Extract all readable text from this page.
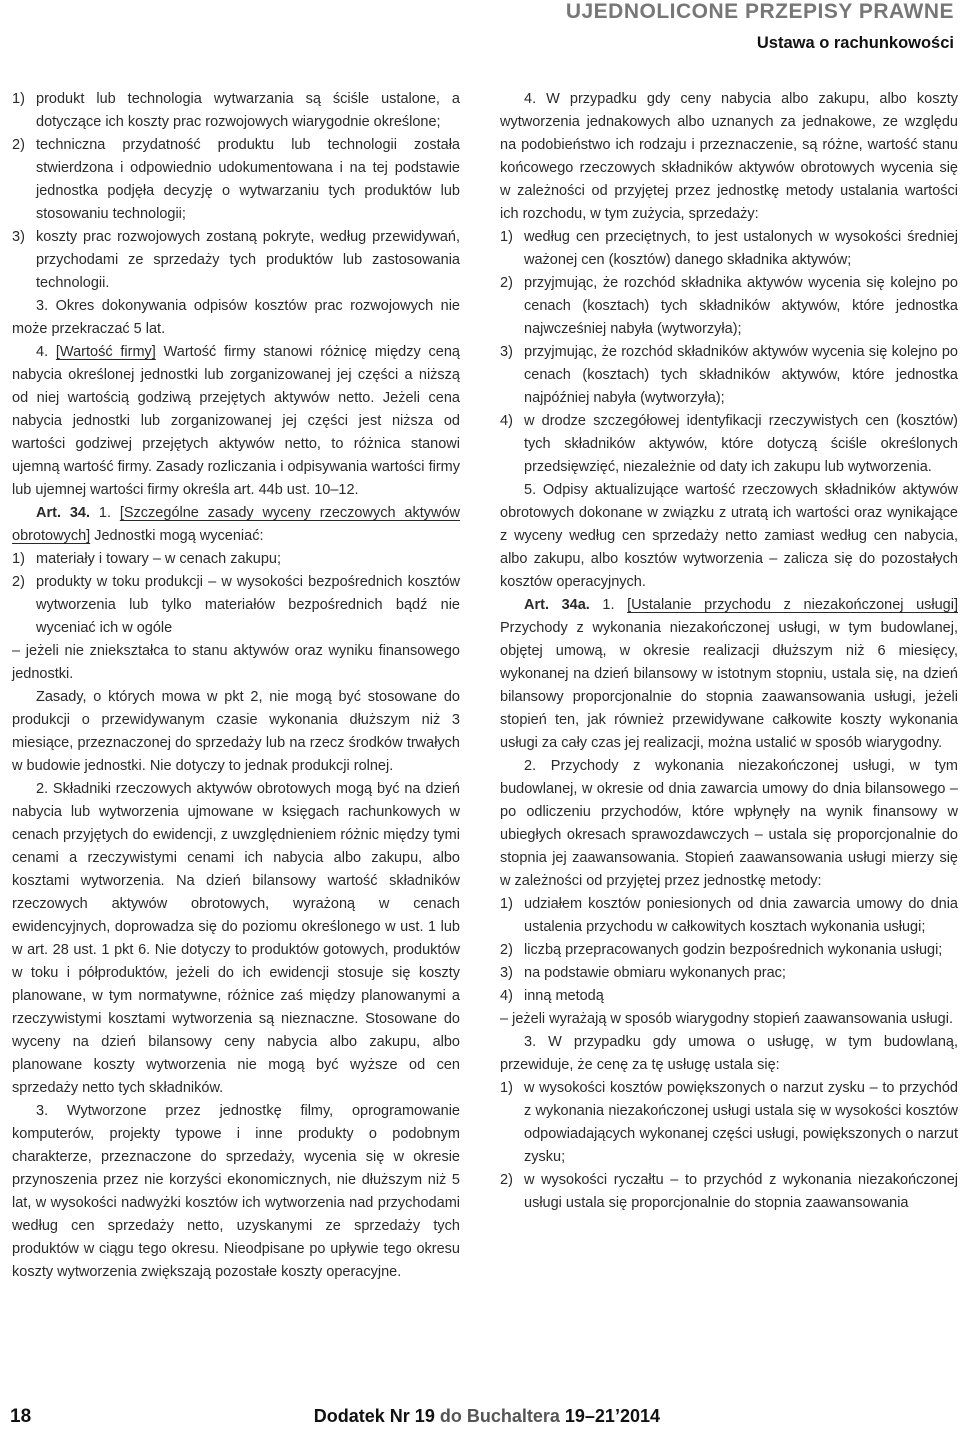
UJEDNOLICONE PRZEPISY PRAWNE
Ustawa o rachunkowości
1) produkt lub technologia wytwarzania są ściśle ustalone, a dotyczące ich koszty prac rozwojowych wiarygodnie określone;
2) techniczna przydatność produktu lub technologii została stwierdzona i odpowiednio udokumentowana i na tej podstawie jednostka podjęła decyzję o wytwarzaniu tych produktów lub stosowaniu technologii;
3) koszty prac rozwojowych zostaną pokryte, według przewidywań, przychodami ze sprzedaży tych produktów lub zastosowania technologii.

3. Okres dokonywania odpisów kosztów prac rozwojowych nie może przekraczać 5 lat.

4. [Wartość firmy] Wartość firmy stanowi różnicę między ceną nabycia określonej jednostki lub zorganizowanej jej części a niższą od niej wartością godziwą przejętych aktywów netto. Jeżeli cena nabycia jednostki lub zorganizowanej jej części jest niższa od wartości godziwej przejętych aktywów netto, to różnica stanowi ujemną wartość firmy. Zasady rozliczania i odpisywania wartości firmy lub ujemnej wartości firmy określa art. 44b ust. 10–12.

Art. 34. 1. [Szczególne zasady wyceny rzeczowych aktywów obrotowych] Jednostki mogą wyceniać:

1) materiały i towary – w cenach zakupu;
2) produkty w toku produkcji – w wysokości bezpośrednich kosztów wytworzenia lub tylko materiałów bezpośrednich bądź nie wyceniać ich w ogóle

– jeżeli nie zniekształca to stanu aktywów oraz wyniku finansowego jednostki.

Zasady, o których mowa w pkt 2, nie mogą być stosowane do produkcji o przewidywanym czasie wykonania dłuższym niż 3 miesiące, przeznaczonej do sprzedaży lub na rzecz środków trwałych w budowie jednostki. Nie dotyczy to jednak produkcji rolnej.

2. Składniki rzeczowych aktywów obrotowych mogą być na dzień nabycia lub wytworzenia ujmowane w księgach rachunkowych w cenach przyjętych do ewidencji, z uwzględnieniem różnic między tymi cenami a rzeczywistymi cenami ich nabycia albo zakupu, albo kosztami wytworzenia. Na dzień bilansowy wartość składników rzeczowych aktywów obrotowych, wyrażoną w cenach ewidencyjnych, doprowadza się do poziomu określonego w ust. 1 lub w art. 28 ust. 1 pkt 6. Nie dotyczy to produktów gotowych, produktów w toku i półproduktów, jeżeli do ich ewidencji stosuje się koszty planowane, w tym normatywne, różnice zaś między planowanymi a rzeczywistymi kosztami wytworzenia są nieznaczne. Stosowane do wyceny na dzień bilansowy ceny nabycia albo zakupu, albo planowane koszty wytworzenia nie mogą być wyższe od cen sprzedaży netto tych składników.

3. Wytworzone przez jednostkę filmy, oprogramowanie komputerów, projekty typowe i inne produkty o podobnym charakterze, przeznaczone do sprzedaży, wycenia się w okresie przynoszenia przez nie korzyści ekonomicznych, nie dłuższym niż 5 lat, w wysokości nadwyżki kosztów ich wytworzenia nad przychodami według cen sprzedaży netto, uzyskanymi ze sprzedaży tych produktów w ciągu tego okresu. Nieodpisane po upływie tego okresu koszty wytworzenia zwiększają pozostałe koszty operacyjne.

4. W przypadku gdy ceny nabycia albo zakupu, albo koszty wytworzenia jednakowych albo uznanych za jednakowe, ze względu na podobieństwo ich rodzaju i przeznaczenie, są różne, wartość stanu końcowego rzeczowych składników aktywów obrotowych wycenia się w zależności od przyjętej przez jednostkę metody ustalania wartości ich rozchodu, w tym zużycia, sprzedaży:

1) według cen przeciętnych, to jest ustalonych w wysokości średniej ważonej cen (kosztów) danego składnika aktywów;
2) przyjmując, że rozchód składnika aktywów wycenia się kolejno po cenach (kosztach) tych składników aktywów, które jednostka najwcześniej nabyła (wytworzyła);
3) przyjmując, że rozchód składników aktywów wycenia się kolejno po cenach (kosztach) tych składników aktywów, które jednostka najpóźniej nabyła (wytworzyła);
4) w drodze szczegółowej identyfikacji rzeczywistych cen (kosztów) tych składników aktywów, które dotyczą ściśle określonych przedsięwzięć, niezależnie od daty ich zakupu lub wytworzenia.

5. Odpisy aktualizujące wartość rzeczowych składników aktywów obrotowych dokonane w związku z utratą ich wartości oraz wynikające z wyceny według cen sprzedaży netto zamiast według cen nabycia, albo zakupu, albo kosztów wytworzenia – zalicza się do pozostałych kosztów operacyjnych.

Art. 34a. 1. [Ustalanie przychodu z niezakończonej usługi] Przychody z wykonania niezakończonej usługi, w tym budowlanej, objętej umową, w okresie realizacji dłuższym niż 6 miesięcy, wykonanej na dzień bilansowy w istotnym stopniu, ustala się, na dzień bilansowy proporcjonalnie do stopnia zaawansowania usługi, jeżeli stopień ten, jak również przewidywane całkowite koszty wykonania usługi za cały czas jej realizacji, można ustalić w sposób wiarygodny.

2. Przychody z wykonania niezakończonej usługi, w tym budowlanej, w okresie od dnia zawarcia umowy do dnia bilansowego – po odliczeniu przychodów, które wpłynęły na wynik finansowy w ubiegłych okresach sprawozdawczych – ustala się proporcjonalnie do stopnia jej zaawansowania. Stopień zaawansowania usługi mierzy się w zależności od przyjętej przez jednostkę metody:

1) udziałem kosztów poniesionych od dnia zawarcia umowy do dnia ustalenia przychodu w całkowitych kosztach wykonania usługi;
2) liczbą przepracowanych godzin bezpośrednich wykonania usługi;
3) na podstawie obmiaru wykonanych prac;
4) inną metodą

– jeżeli wyrażają w sposób wiarygodny stopień zaawansowania usługi.

3. W przypadku gdy umowa o usługę, w tym budowlaną, przewiduje, że cenę za tę usługę ustala się:

1) w wysokości kosztów powiększonych o narzut zysku – to przychód z wykonania niezakończonej usługi ustala się w wysokości kosztów odpowiadających wykonanej części usługi, powiększonych o narzut zysku;
2) w wysokości ryczałtu – to przychód z wykonania niezakończonej usługi ustala się proporcjonalnie do stopnia zaawansowania
18	Dodatek Nr 19 do Buchaltera 19–21’2014
